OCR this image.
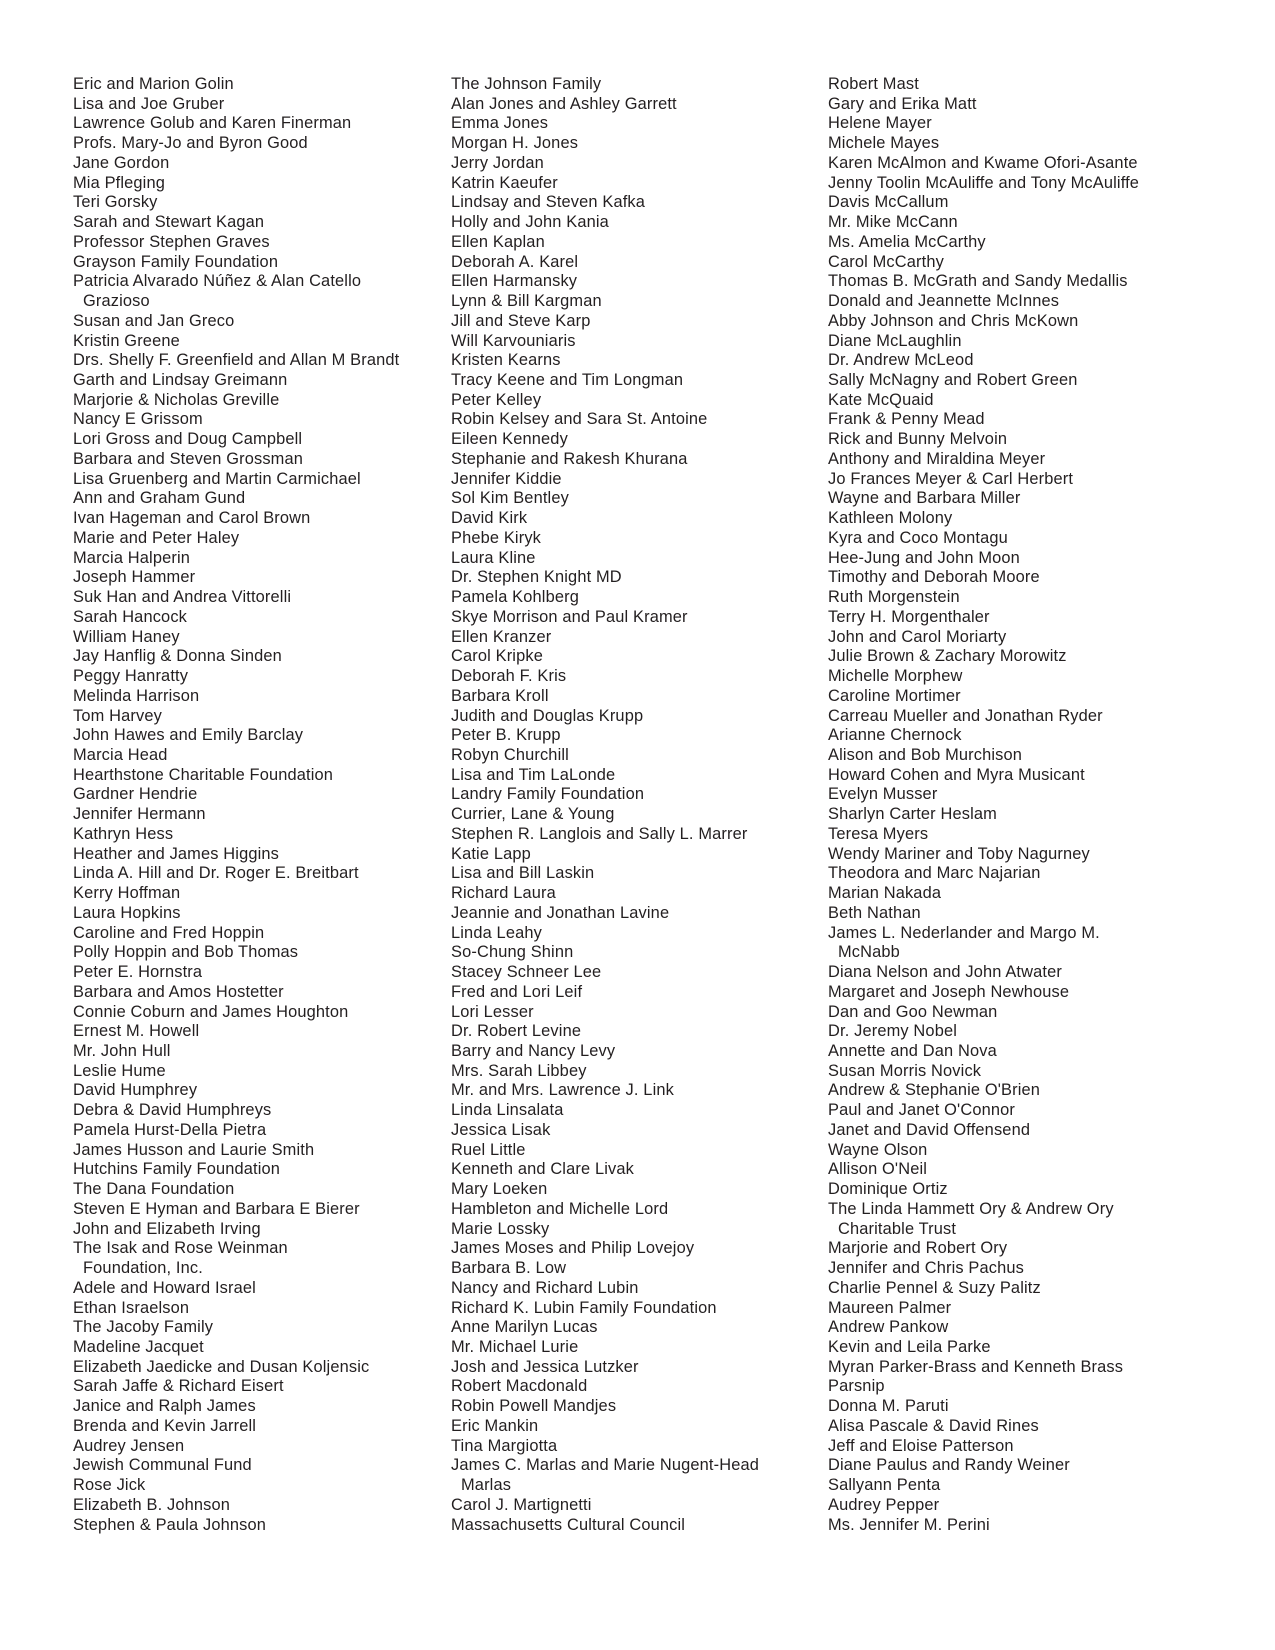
Eric and Marion Golin
Lisa and Joe Gruber
Lawrence Golub and Karen Finerman
Profs. Mary-Jo and Byron Good
Jane Gordon
Mia Pfleging
Teri Gorsky
Sarah and Stewart Kagan
Professor Stephen Graves
Grayson Family Foundation
Patricia Alvarado Núñez & Alan Catello
Grazioso
Susan and Jan Greco
Kristin Greene
Drs. Shelly F. Greenfield and Allan M Brandt
Garth and Lindsay Greimann
Marjorie & Nicholas Greville
Nancy E Grissom
Lori Gross and Doug Campbell
Barbara and Steven Grossman
Lisa Gruenberg and Martin Carmichael
Ann and Graham Gund
Ivan Hageman and Carol Brown
Marie and Peter Haley
Marcia Halperin
Joseph Hammer
Suk Han and Andrea Vittorelli
Sarah Hancock
William Haney
Jay Hanflig & Donna Sinden
Peggy Hanratty
Melinda Harrison
Tom Harvey
John Hawes and Emily Barclay
Marcia Head
Hearthstone Charitable Foundation
Gardner Hendrie
Jennifer Hermann
Kathryn Hess
Heather and James Higgins
Linda A. Hill and Dr. Roger E. Breitbart
Kerry Hoffman
Laura Hopkins
Caroline and Fred Hoppin
Polly Hoppin and Bob Thomas
Peter E. Hornstra
Barbara and Amos Hostetter
Connie Coburn and James Houghton
Ernest M. Howell
Mr. John Hull
Leslie Hume
David Humphrey
Debra & David Humphreys
Pamela Hurst-Della Pietra
James Husson and Laurie Smith
Hutchins Family Foundation
The Dana Foundation
Steven E Hyman and Barbara E Bierer
John and Elizabeth Irving
The Isak and Rose Weinman
Foundation, Inc.
Adele and Howard Israel
Ethan Israelson
The Jacoby Family
Madeline Jacquet
Elizabeth Jaedicke and Dusan Koljensic
Sarah Jaffe & Richard Eisert
Janice and Ralph James
Brenda and Kevin Jarrell
Audrey Jensen
Jewish Communal Fund
Rose Jick
Elizabeth B. Johnson
Stephen & Paula Johnson
The Johnson Family
Alan Jones and Ashley Garrett
Emma Jones
Morgan H. Jones
Jerry Jordan
Katrin Kaeufer
Lindsay and Steven Kafka
Holly and John Kania
Ellen Kaplan
Deborah A. Karel
Ellen Harmansky
Lynn & Bill Kargman
Jill and Steve Karp
Will Karvouniaris
Kristen Kearns
Tracy Keene and Tim Longman
Peter Kelley
Robin Kelsey and Sara St. Antoine
Eileen Kennedy
Stephanie and Rakesh Khurana
Jennifer Kiddie
Sol Kim Bentley
David Kirk
Phebe Kiryk
Laura Kline
Dr. Stephen Knight MD
Pamela Kohlberg
Skye Morrison and Paul Kramer
Ellen Kranzer
Carol Kripke
Deborah F. Kris
Barbara Kroll
Judith and Douglas Krupp
Peter B. Krupp
Robyn Churchill
Lisa and Tim LaLonde
Landry Family Foundation
Currier, Lane & Young
Stephen R. Langlois and Sally L. Marrer
Katie Lapp
Lisa and Bill Laskin
Richard Laura
Jeannie and Jonathan Lavine
Linda Leahy
So-Chung Shinn
Stacey Schneer Lee
Fred and Lori Leif
Lori Lesser
Dr. Robert Levine
Barry and Nancy Levy
Mrs. Sarah Libbey
Mr. and Mrs. Lawrence J. Link
Linda Linsalata
Jessica Lisak
Ruel Little
Kenneth and Clare Livak
Mary Loeken
Hambleton and Michelle Lord
Marie Lossky
James Moses and Philip Lovejoy
Barbara B. Low
Nancy and Richard Lubin
Richard K. Lubin Family Foundation
Anne Marilyn Lucas
Mr. Michael Lurie
Josh and Jessica Lutzker
Robert Macdonald
Robin Powell Mandjes
Eric Mankin
Tina Margiotta
James C. Marlas and Marie Nugent-Head
Marlas
Carol J. Martignetti
Massachusetts Cultural Council
Robert Mast
Gary and Erika Matt
Helene Mayer
Michele Mayes
Karen McAlmon and Kwame Ofori-Asante
Jenny Toolin McAuliffe and Tony McAuliffe
Davis McCallum
Mr. Mike McCann
Ms. Amelia McCarthy
Carol McCarthy
Thomas B. McGrath and Sandy Medallis
Donald and Jeannette McInnes
Abby Johnson and Chris McKown
Diane McLaughlin
Dr. Andrew McLeod
Sally McNagny and Robert Green
Kate McQuaid
Frank & Penny Mead
Rick and Bunny Melvoin
Anthony and Miraldina Meyer
Jo Frances Meyer & Carl Herbert
Wayne and Barbara Miller
Kathleen Molony
Kyra and Coco Montagu
Hee-Jung and John Moon
Timothy and Deborah Moore
Ruth Morgenstein
Terry H. Morgenthaler
John and Carol Moriarty
Julie Brown & Zachary Morowitz
Michelle Morphew
Caroline Mortimer
Carreau Mueller and Jonathan Ryder
Arianne Chernock
Alison and Bob Murchison
Howard Cohen and Myra Musicant
Evelyn Musser
Sharlyn Carter Heslam
Teresa Myers
Wendy Mariner and Toby Nagurney
Theodora and Marc Najarian
Marian Nakada
Beth Nathan
James L. Nederlander and Margo M.
McNabb
Diana Nelson and John Atwater
Margaret and Joseph Newhouse
Dan and Goo Newman
Dr. Jeremy Nobel
Annette and Dan Nova
Susan Morris Novick
Andrew & Stephanie O'Brien
Paul and Janet O'Connor
Janet and David Offensend
Wayne Olson
Allison O'Neil
Dominique Ortiz
The Linda Hammett Ory & Andrew Ory
Charitable Trust
Marjorie and Robert Ory
Jennifer and Chris Pachus
Charlie Pennel & Suzy Palitz
Maureen Palmer
Andrew Pankow
Kevin and Leila Parke
Myran Parker-Brass and Kenneth Brass
Parsnip
Donna M. Paruti
Alisa Pascale & David Rines
Jeff and Eloise Patterson
Diane Paulus and Randy Weiner
Sallyann Penta
Audrey Pepper
Ms. Jennifer M. Perini
